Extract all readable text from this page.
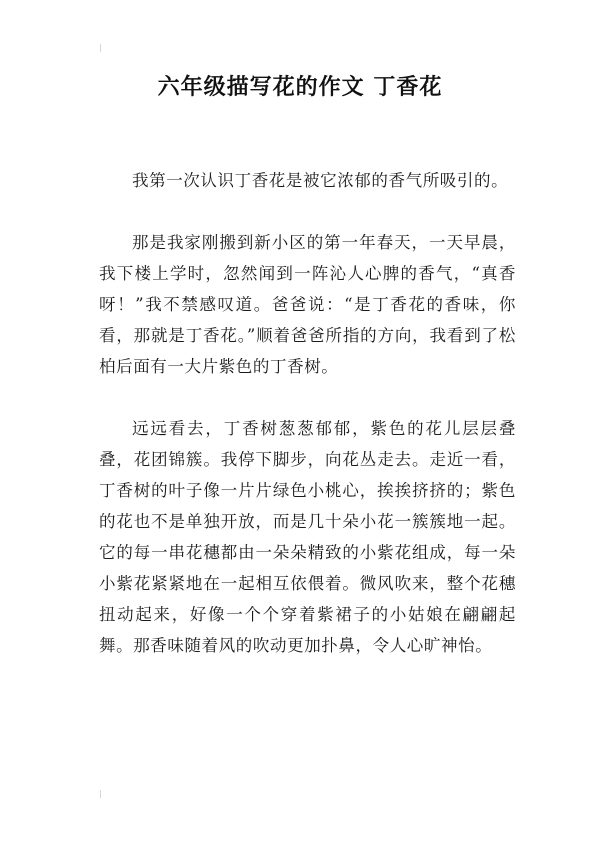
六年级描写花的作文 丁香花

我第一次认识丁香花是被它浓郁的香气所吸引的。

那是我家刚搬到新小区的第一年春天，一天早晨，我下楼上学时，忽然闻到一阵沁人心脾的香气，“真香呀！”我不禁感叹道。爸爸说：“是丁香花的香味，你看，那就是丁香花。”顺着爸爸所指的方向，我看到了松柏后面有一大片紫色的丁香树。

远远看去，丁香树葱葱郁郁，紫色的花儿层层叠叠，花团锦簇。我停下脚步，向花丛走去。走近一看，丁香树的叶子像一片片绿色小桃心，挨挨挤挤的；紫色的花也不是单独开放，而是几十朵小花一簇簇地一起。它的每一串花穗都由一朵朵精致的小紫花组成，每一朵小紫花紧紧地在一起相互依偎着。微风吹来，整个花穗扭动起来，好像一个个穿着紫裙子的小姑娘在翩翩起舞。那香味随着风的吹动更加扑鼻，令人心旷神怡。
